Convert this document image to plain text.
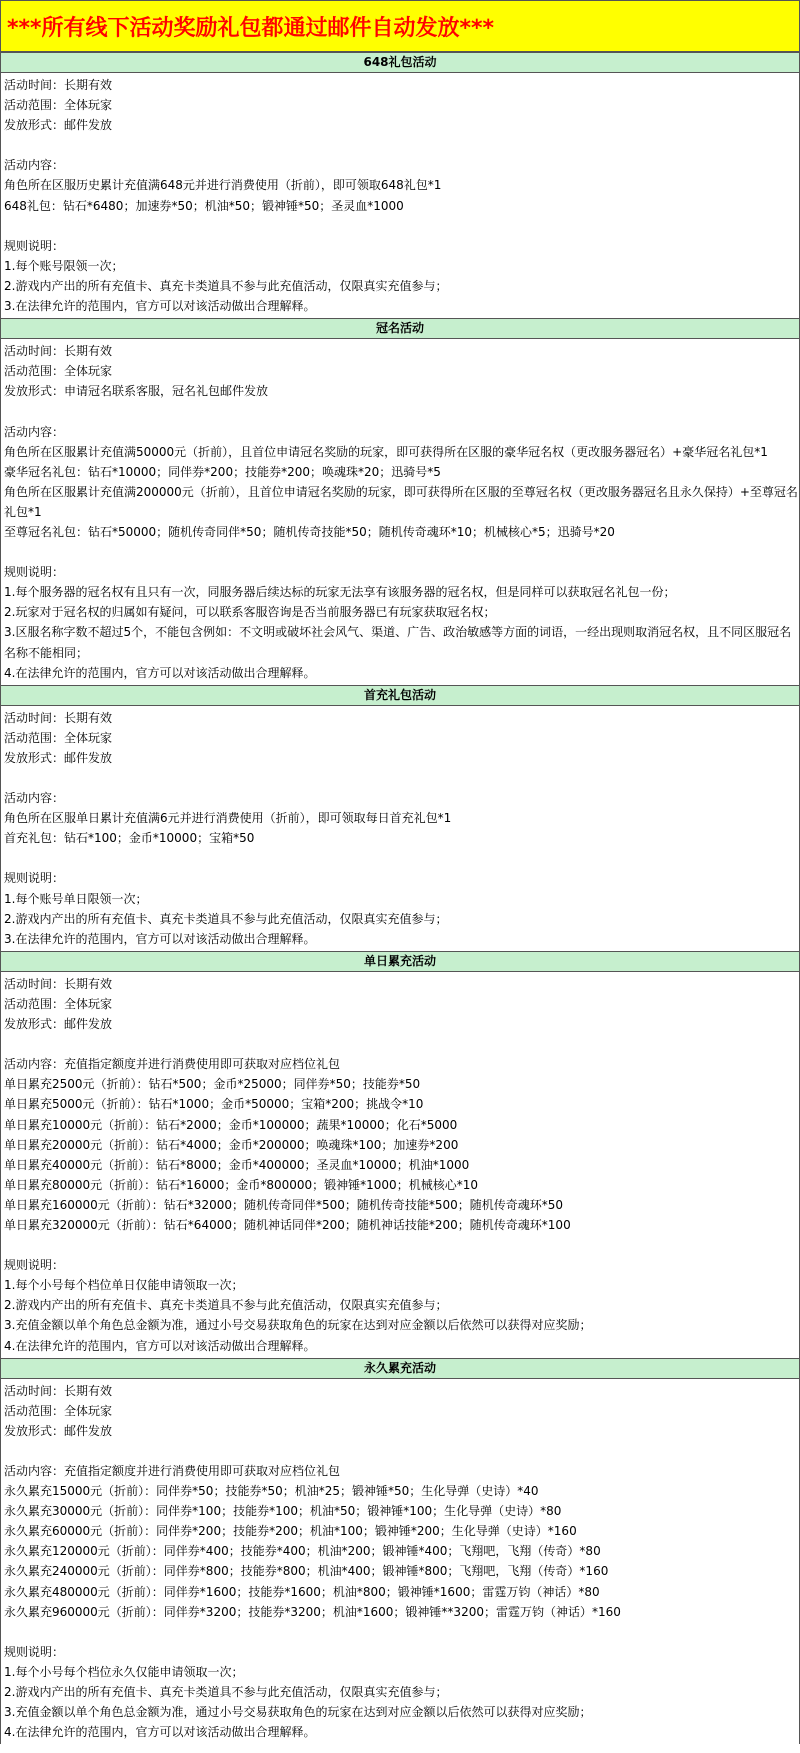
***所有线下活动奖励礼包都通过邮件自动发放***
648礼包活动
活动时间：长期有效
活动范围：全体玩家
发放形式：邮件发放
活动内容：
角色所在区服历史累计充值满648元并进行消费使用（折前），即可领取648礼包*1
648礼包：钻石*6480；加速券*50；机油*50；锻神锤*50；圣灵血*1000
规则说明：
1.每个账号限领一次；
2.游戏内产出的所有充值卡、真充卡类道具不参与此充值活动，仅限真实充值参与；
3.在法律允许的范围内，官方可以对该活动做出合理解释。
冠名活动
活动时间：长期有效
活动范围：全体玩家
发放形式：申请冠名联系客服，冠名礼包邮件发放
活动内容：
角色所在区服累计充值满50000元（折前），且首位申请冠名奖励的玩家，即可获得所在区服的豪华冠名权（更改服务器冠名）+豪华冠名礼包*1
豪华冠名礼包：钻石*10000；同伴券*200；技能券*200；唤魂珠*20；迅骑号*5
角色所在区服累计充值满200000元（折前），且首位申请冠名奖励的玩家，即可获得所在区服的至尊冠名权（更改服务器冠名且永久保持）+至尊冠名礼包*1
至尊冠名礼包：钻石*50000；随机传奇同伴*50；随机传奇技能*50；随机传奇魂环*10；机械核心*5；迅骑号*20
规则说明：
1.每个服务器的冠名权有且只有一次，同服务器后续达标的玩家无法享有该服务器的冠名权，但是同样可以获取冠名礼包一份；
2.玩家对于冠名权的归属如有疑问，可以联系客服咨询是否当前服务器已有玩家获取冠名权；
3.区服名称字数不超过5个，不能包含例如：不文明或破坏社会风气、渠道、广告、政治敏感等方面的词语，一经出现则取消冠名权，且不同区服冠名名称不能相同；
4.在法律允许的范围内，官方可以对该活动做出合理解释。
首充礼包活动
活动时间：长期有效
活动范围：全体玩家
发放形式：邮件发放
活动内容：
角色所在区服单日累计充值满6元并进行消费使用（折前），即可领取每日首充礼包*1
首充礼包：钻石*100；金币*10000；宝箱*50
规则说明：
1.每个账号单日限领一次；
2.游戏内产出的所有充值卡、真充卡类道具不参与此充值活动，仅限真实充值参与；
3.在法律允许的范围内，官方可以对该活动做出合理解释。
单日累充活动
活动时间：长期有效
活动范围：全体玩家
发放形式：邮件发放
活动内容：充值指定额度并进行消费使用即可获取对应档位礼包
单日累充2500元（折前）：钻石*500；金币*25000；同伴券*50；技能券*50
单日累充5000元（折前）：钻石*1000；金币*50000；宝箱*200；挑战令*10
单日累充10000元（折前）：钻石*2000；金币*100000；蔬果*10000；化石*5000
单日累充20000元（折前）：钻石*4000；金币*200000；唤魂珠*100；加速券*200
单日累充40000元（折前）：钻石*8000；金币*400000；圣灵血*10000；机油*1000
单日累充80000元（折前）：钻石*16000；金币*800000；锻神锤*1000；机械核心*10
单日累充160000元（折前）：钻石*32000；随机传奇同伴*500；随机传奇技能*500；随机传奇魂环*50
单日累充320000元（折前）：钻石*64000；随机神话同伴*200；随机神话技能*200；随机传奇魂环*100
规则说明：
1.每个小号每个档位单日仅能申请领取一次；
2.游戏内产出的所有充值卡、真充卡类道具不参与此充值活动，仅限真实充值参与；
3.充值金额以单个角色总金额为准，通过小号交易获取角色的玩家在达到对应金额以后依然可以获得对应奖励；
4.在法律允许的范围内，官方可以对该活动做出合理解释。
永久累充活动
活动时间：长期有效
活动范围：全体玩家
发放形式：邮件发放
活动内容：充值指定额度并进行消费使用即可获取对应档位礼包
永久累充15000元（折前）：同伴券*50；技能券*50；机油*25；锻神锤*50；生化导弹（史诗）*40
永久累充30000元（折前）：同伴券*100；技能券*100；机油*50；锻神锤*100；生化导弹（史诗）*80
永久累充60000元（折前）：同伴券*200；技能券*200；机油*100；锻神锤*200；生化导弹（史诗）*160
永久累充120000元（折前）：同伴券*400；技能券*400；机油*200；锻神锤*400；飞翔吧，飞翔（传奇）*80
永久累充240000元（折前）：同伴券*800；技能券*800；机油*400；锻神锤*800；飞翔吧，飞翔（传奇）*160
永久累充480000元（折前）：同伴券*1600；技能券*1600；机油*800；锻神锤*1600；雷霆万钧（神话）*80
永久累充960000元（折前）：同伴券*3200；技能券*3200；机油*1600；锻神锤**3200；雷霆万钧（神话）*160
规则说明：
1.每个小号每个档位永久仅能申请领取一次；
2.游戏内产出的所有充值卡、真充卡类道具不参与此充值活动，仅限真实充值参与；
3.充值金额以单个角色总金额为准，通过小号交易获取角色的玩家在达到对应金额以后依然可以获得对应奖励；
4.在法律允许的范围内，官方可以对该活动做出合理解释。
